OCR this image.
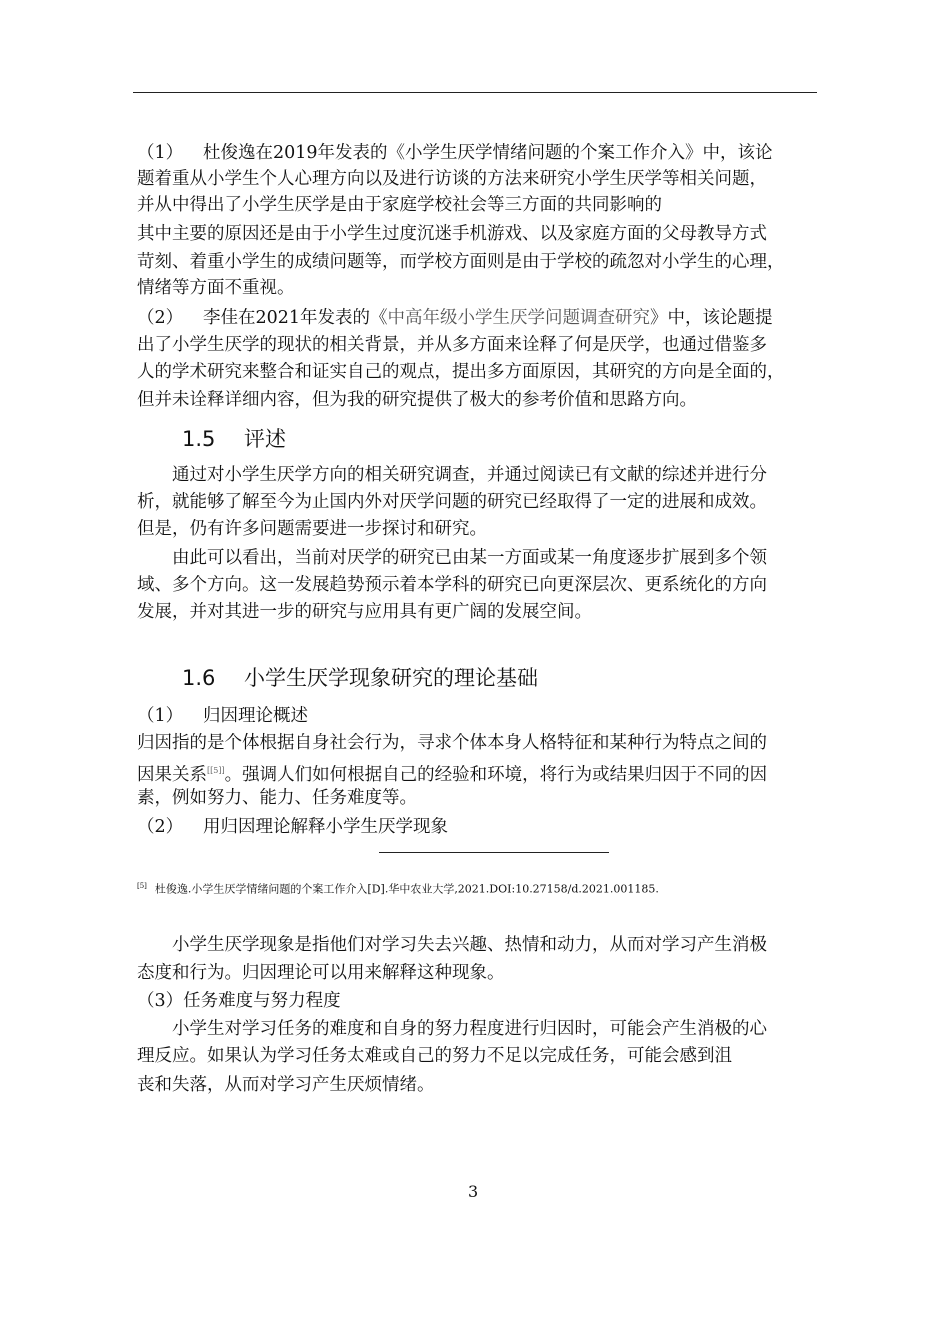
（1） 杜俊逸在2019年发表的《小学生厌学情绪问题的个案工作介入》中，该论
题着重从小学生个人心理方向以及进行访谈的方法来研究小学生厌学等相关问题，
并从中得出了小学生厌学是由于家庭学校社会等三方面的共同影响的
其中主要的原因还是由于小学生过度沉迷手机游戏、以及家庭方面的父母教导方式
苛刻、着重小学生的成绩问题等，而学校方面则是由于学校的疏忽对小学生的心理，
情绪等方面不重视。
（2） 李佳在2021年发表的《中高年级小学生厌学问题调查研究》中，该论题提
出了小学生厌学的现状的相关背景，并从多方面来诠释了何是厌学，也通过借鉴多
人的学术研究来整合和证实自己的观点，提出多方面原因，其研究的方向是全面的，
但并未诠释详细内容，但为我的研究提供了极大的参考价值和思路方向。
1.5 评述
通过对小学生厌学方向的相关研究调查，并通过阅读已有文献的综述并进行分
析，就能够了解至今为止国内外对厌学问题的研究已经取得了一定的进展和成效。
但是，仍有许多问题需要进一步探讨和研究。
由此可以看出，当前对厌学的研究已由某一方面或某一角度逐步扩展到多个领
域、多个方向。这一发展趋势预示着本学科的研究已向更深层次、更系统化的方向
发展，并对其进一步的研究与应用具有更广阔的发展空间。
1.6 小学生厌学现象研究的理论基础
（1） 归因理论概述
归因指的是个体根据自身社会行为，寻求个体本身人格特征和某种行为特点之间的
因果关系[[5]]。强调人们如何根据自己的经验和环境，将行为或结果归因于不同的因
素，例如努力、能力、任务难度等。
（2） 用归因理论解释小学生厌学现象
[5] 杜俊逸.小学生厌学情绪问题的个案工作介入[D].华中农业大学,2021.DOI:10.27158/d.2021.001185.
小学生厌学现象是指他们对学习失去兴趣、热情和动力，从而对学习产生消极
态度和行为。归因理论可以用来解释这种现象。
（3）任务难度与努力程度
小学生对学习任务的难度和自身的努力程度进行归因时，可能会产生消极的心
理反应。如果认为学习任务太难或自己的努力不足以完成任务，可能会感到沮
丧和失落，从而对学习产生厌烦情绪。
3
